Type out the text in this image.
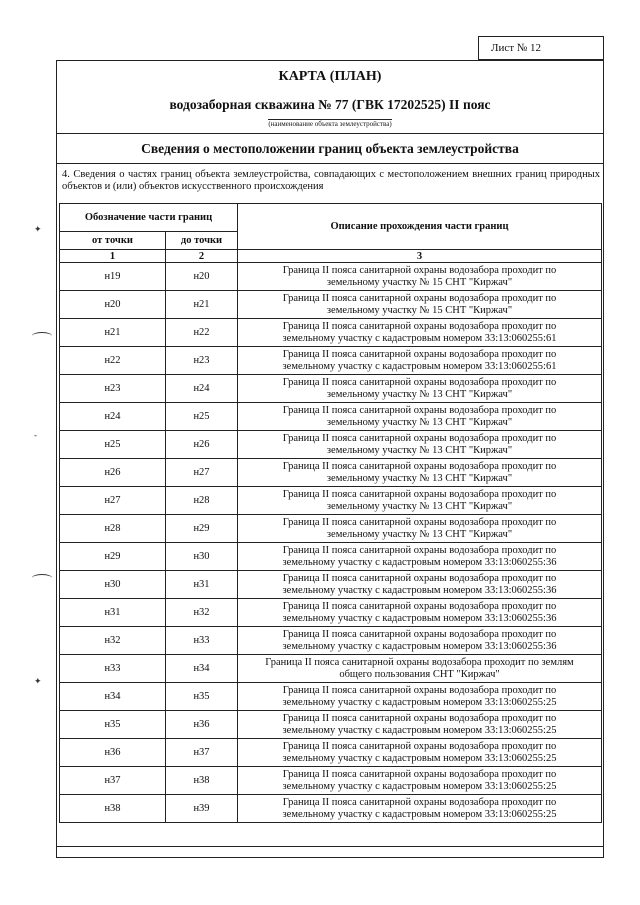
✦
-
✦
Лист № 12
КАРТА (ПЛАН)
водозаборная скважина № 77 (ГВК 17202525) II пояс
(наименование объекта землеустройства)
Сведения о местоположении границ объекта землеустройства
4. Сведения о частях границ объекта землеустройства, совпадающих с местоположением внешних границ природных объектов и (или) объектов искусственного происхождения
Обозначение части границ		Описание прохождения части границ
от точки	до точки	
1	2	3
н19	н20	Граница II пояса санитарной охраны водозабора проходит по
земельному участку № 15 СНТ "Киржач"

н20	н21	Граница II пояса санитарной охраны водозабора проходит по
земельному участку № 15 СНТ "Киржач"

н21	н22	Граница II пояса санитарной охраны водозабора проходит по
земельному участку с кадастровым номером 33:13:060255:61

н22	н23	Граница II пояса санитарной охраны водозабора проходит по
земельному участку с кадастровым номером 33:13:060255:61

н23	н24	Граница II пояса санитарной охраны водозабора проходит по
земельному участку № 13 СНТ "Киржач"

н24	н25	Граница II пояса санитарной охраны водозабора проходит по
земельному участку № 13 СНТ "Киржач"

н25	н26	Граница II пояса санитарной охраны водозабора проходит по
земельному участку № 13 СНТ "Киржач"

н26	н27	Граница II пояса санитарной охраны водозабора проходит по
земельному участку № 13 СНТ "Киржач"

н27	н28	Граница II пояса санитарной охраны водозабора проходит по
земельному участку № 13 СНТ "Киржач"

н28	н29	Граница II пояса санитарной охраны водозабора проходит по
земельному участку № 13 СНТ "Киржач"

н29	н30	Граница II пояса санитарной охраны водозабора проходит по
земельному участку с кадастровым номером 33:13:060255:36

н30	н31	Граница II пояса санитарной охраны водозабора проходит по
земельному участку с кадастровым номером 33:13:060255:36

н31	н32	Граница II пояса санитарной охраны водозабора проходит по
земельному участку с кадастровым номером 33:13:060255:36

н32	н33	Граница II пояса санитарной охраны водозабора проходит по
земельному участку с кадастровым номером 33:13:060255:36

н33	н34	Граница II пояса санитарной охраны водозабора проходит по землям
общего пользования СНТ "Киржач"

н34	н35	Граница II пояса санитарной охраны водозабора проходит по
земельному участку с кадастровым номером 33:13:060255:25

н35	н36	Граница II пояса санитарной охраны водозабора проходит по
земельному участку с кадастровым номером 33:13:060255:25

н36	н37	Граница II пояса санитарной охраны водозабора проходит по
земельному участку с кадастровым номером 33:13:060255:25

н37	н38	Граница II пояса санитарной охраны водозабора проходит по
земельному участку с кадастровым номером 33:13:060255:25

н38	н39	Граница II пояса санитарной охраны водозабора проходит по
земельному участку с кадастровым номером 33:13:060255:25
